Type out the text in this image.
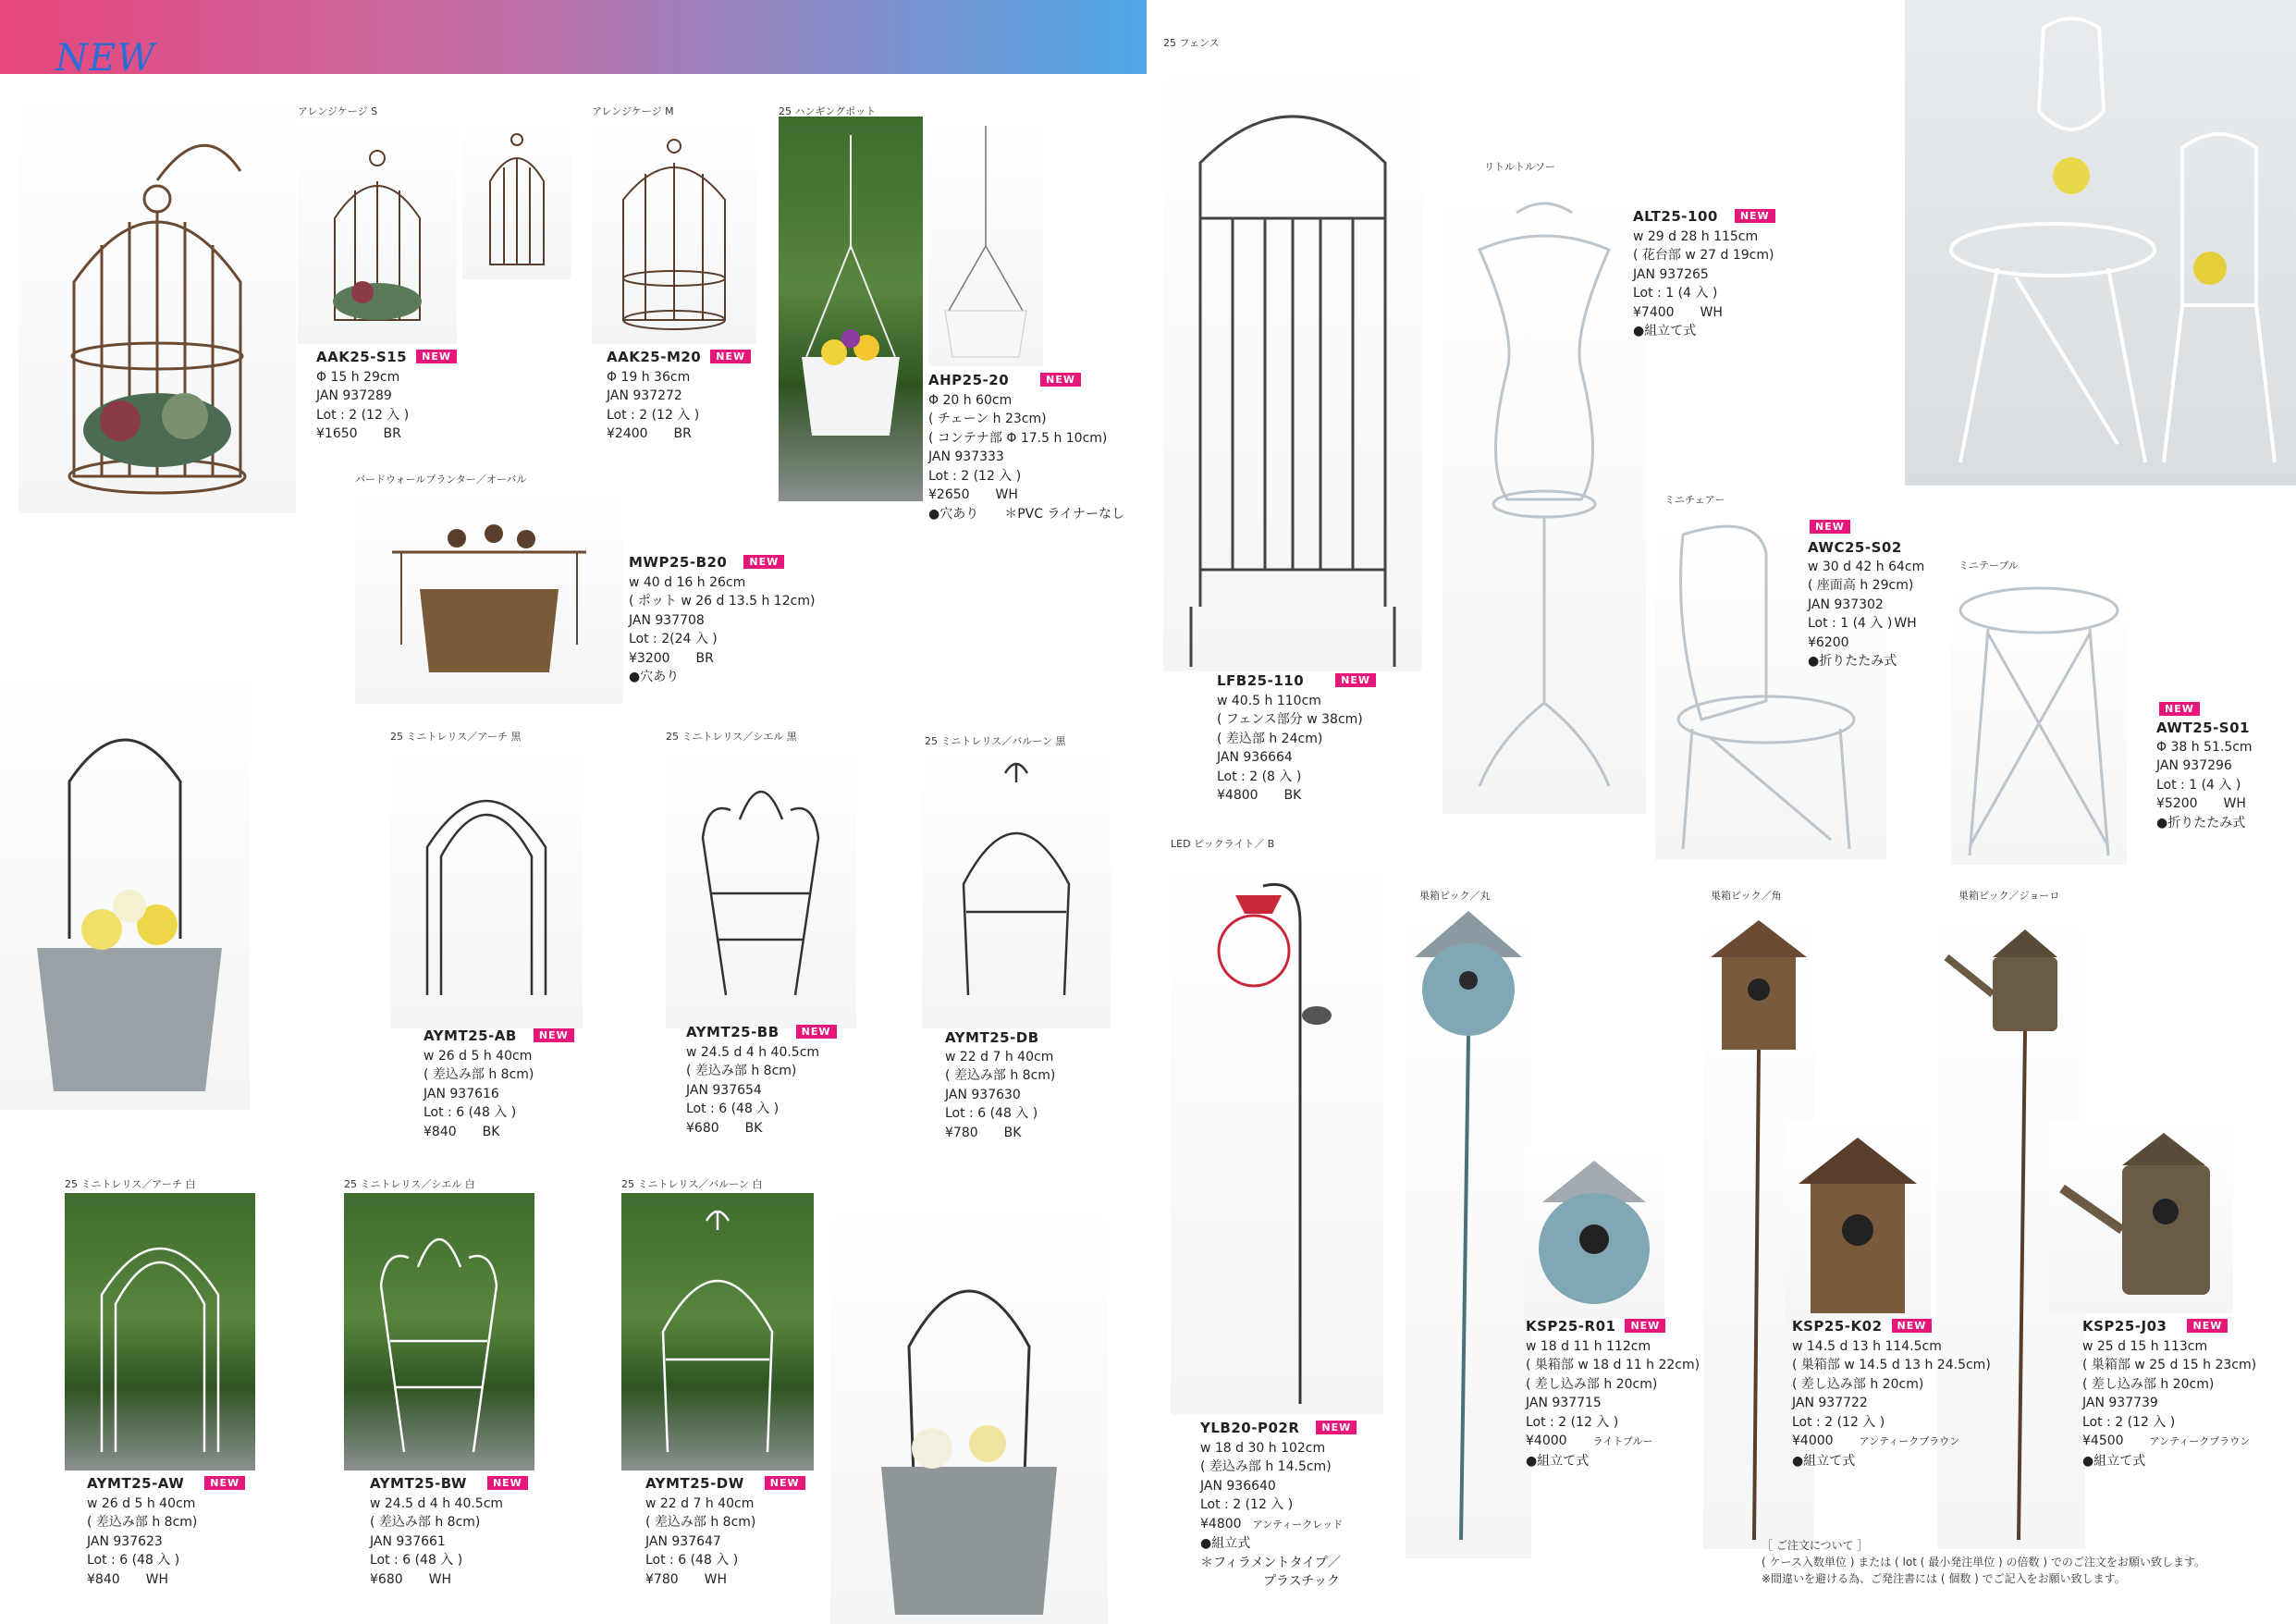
NEW
アレンジケージ S	アレンジケージ M	25 ハンギングポット
25 フェンス
リトルトルソー
バードウォールプランター／オーバル
ミニチェアー
ミニテーブル
25 ミニトレリス／アーチ 黒	25 ミニトレリス／シエル 黒	25 ミニトレリス／バルーン 黒
LED ピックライト／ B
巣箱ピック／丸	巣箱ピック／角	巣箱ピック／ジョーロ
25 ミニトレリス／アーチ 白	25 ミニトレリス／シエル 白	25 ミニトレリス／バルーン 白
AAK25-S15 NEW
Φ 15 h 29cm
JAN 937289
Lot : 2 (12 入 )
¥1650 BR
AAK25-M20 NEW
Φ 19 h 36cm
JAN 937272
Lot : 2 (12 入 )
¥2400 BR
AHP25-20	NEW
Φ 20 h 60cm
( チェーン h 23cm)
( コンテナ部 Φ 17.5 h 10cm)
JAN 937333
Lot : 2 (12 入 )
¥2650 WH
●穴あり ＊PVC ライナーなし
LFB25-110	NEW
w 40.5 h 110cm
( フェンス部分 w 38cm)
( 差込部 h 24cm)
JAN 936664
Lot : 2 (8 入 )
¥4800 BK
ALT25-100 NEW
w 29 d 28 h 115cm
( 花台部 w 27 d 19cm)
JAN 937265
Lot : 1 (4 入 )
¥7400 WH
●組立て式
MWP25-B20 NEW
w 40 d 16 h 26cm
( ポット w 26 d 13.5 h 12cm)
JAN 937708
Lot : 2(24 入 )
¥3200 BR
●穴あり
NEW
AWC25-S02
w 30 d 42 h 64cm
( 座面高 h 29cm)
JAN 937302
Lot : 1 (4 入 ) WH
¥6200
●折りたたみ式
NEW
AWT25-S01
Φ 38 h 51.5cm
JAN 937296
Lot : 1 (4 入 )
¥5200 WH
●折りたたみ式
AYMT25-AB NEW
w 26 d 5 h 40cm
( 差込み部 h 8cm)
JAN 937616
Lot : 6 (48 入 )
¥840 BK
AYMT25-BB NEW
w 24.5 d 4 h 40.5cm
( 差込み部 h 8cm)
JAN 937654
Lot : 6 (48 入 )
¥680 BK
AYMT25-DB
w 22 d 7 h 40cm
( 差込み部 h 8cm)
JAN 937630
Lot : 6 (48 入 )
¥780 BK
YLB20-P02R NEW
w 18 d 30 h 102cm
( 差込み部 h 14.5cm)
JAN 936640
Lot : 2 (12 入 )
¥4800 アンティークレッド
●組立式
＊フィラメントタイプ／
プラスチック
KSP25-R01 NEW
w 18 d 11 h 112cm
( 巣箱部 w 18 d 11 h 22cm)
( 差し込み部 h 20cm)
JAN 937715
Lot : 2 (12 入 )
¥4000	ライトブルー
●組立て式
KSP25-K02 NEW
w 14.5 d 13 h 114.5cm
( 巣箱部 w 14.5 d 13 h 24.5cm)
( 差し込み部 h 20cm)
JAN 937722
Lot : 2 (12 入 )
¥4000	アンティークブラウン
●組立て式
KSP25-J03	NEW
w 25 d 15 h 113cm
( 巣箱部 w 25 d 15 h 23cm)
( 差し込み部 h 20cm)
JAN 937739
Lot : 2 (12 入 )
¥4500	アンティークブラウン
●組立て式
AYMT25-AW	NEW
w 26 d 5 h 40cm
( 差込み部 h 8cm)
JAN 937623
Lot : 6 (48 入 )
¥840 WH
AYMT25-BW	NEW
w 24.5 d 4 h 40.5cm
( 差込み部 h 8cm)
JAN 937661
Lot : 6 (48 入 )
¥680 WH
AYMT25-DW	NEW
w 22 d 7 h 40cm
( 差込み部 h 8cm)
JAN 937647
Lot : 6 (48 入 )
¥780 WH
［ ご注文について ］
( ケース入数単位 ) または ( lot ( 最小発注単位 ) の倍数 ) でのご注文をお願い致します。
※間違いを避ける為、ご発注書には ( 個数 ) でご記入をお願い致します。
